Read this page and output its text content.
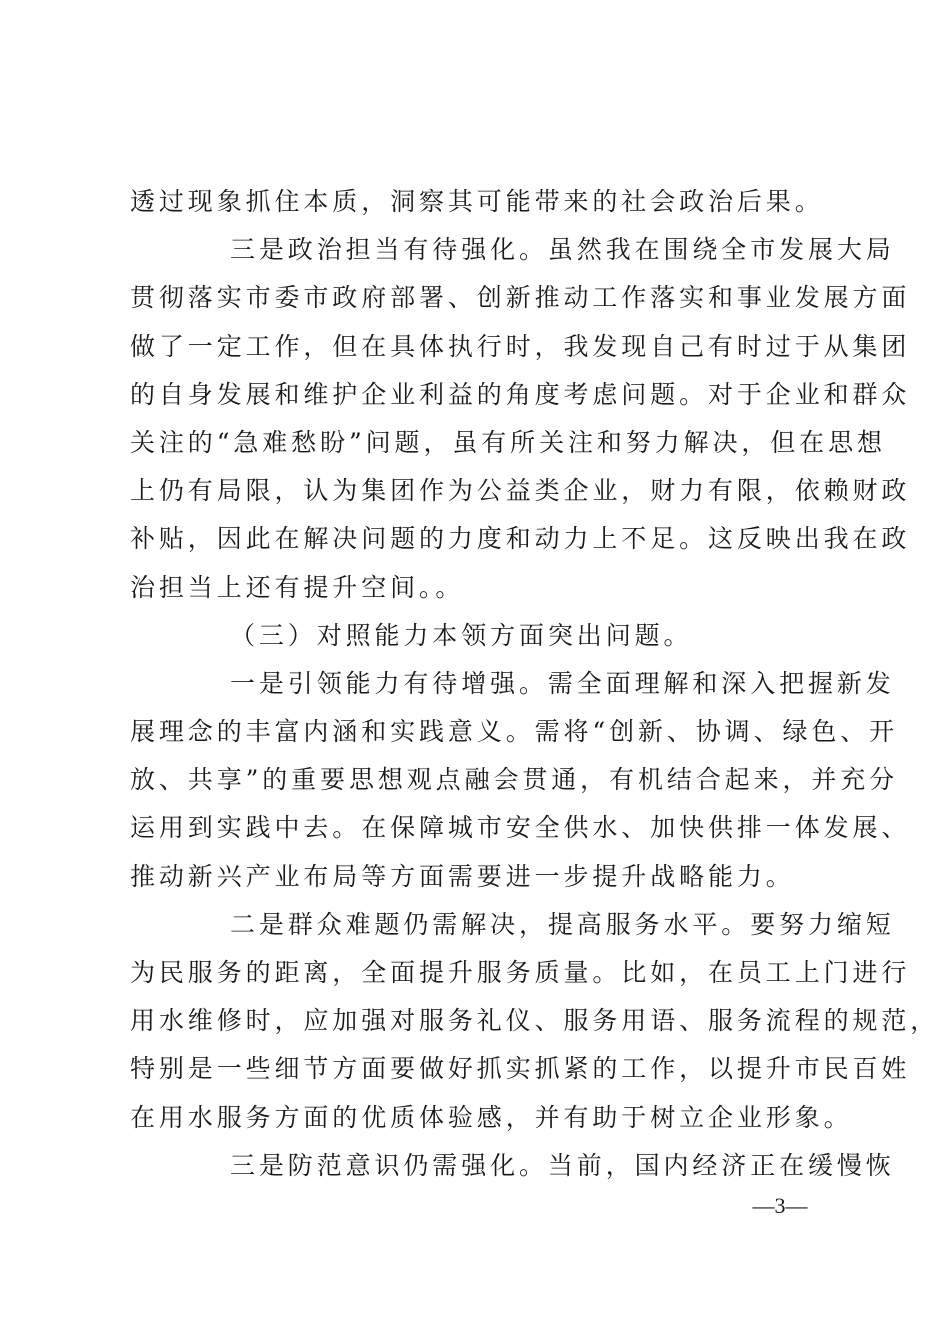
透过现象抓住本质，洞察其可能带来的社会政治后果。
三是政治担当有待强化。虽然我在围绕全市发展大局
贯彻落实市委市政府部署、创新推动工作落实和事业发展方面
做了一定工作，但在具体执行时，我发现自己有时过于从集团
的自身发展和维护企业利益的角度考虑问题。对于企业和群众
关注的“急难愁盼”问题，虽有所关注和努力解决，但在思想
上仍有局限，认为集团作为公益类企业，财力有限，依赖财政
补贴，因此在解决问题的力度和动力上不足。这反映出我在政
治担当上还有提升空间。。
（三）对照能力本领方面突出问题。
一是引领能力有待增强。需全面理解和深入把握新发
展理念的丰富内涵和实践意义。需将“创新、协调、绿色、开
放、共享”的重要思想观点融会贯通，有机结合起来，并充分
运用到实践中去。在保障城市安全供水、加快供排一体发展、
推动新兴产业布局等方面需要进一步提升战略能力。
二是群众难题仍需解决，提高服务水平。要努力缩短
为民服务的距离，全面提升服务质量。比如，在员工上门进行
用水维修时，应加强对服务礼仪、服务用语、服务流程的规范，
特别是一些细节方面要做好抓实抓紧的工作，以提升市民百姓
在用水服务方面的优质体验感，并有助于树立企业形象。
三是防范意识仍需强化。当前，国内经济正在缓慢恢
—3—
